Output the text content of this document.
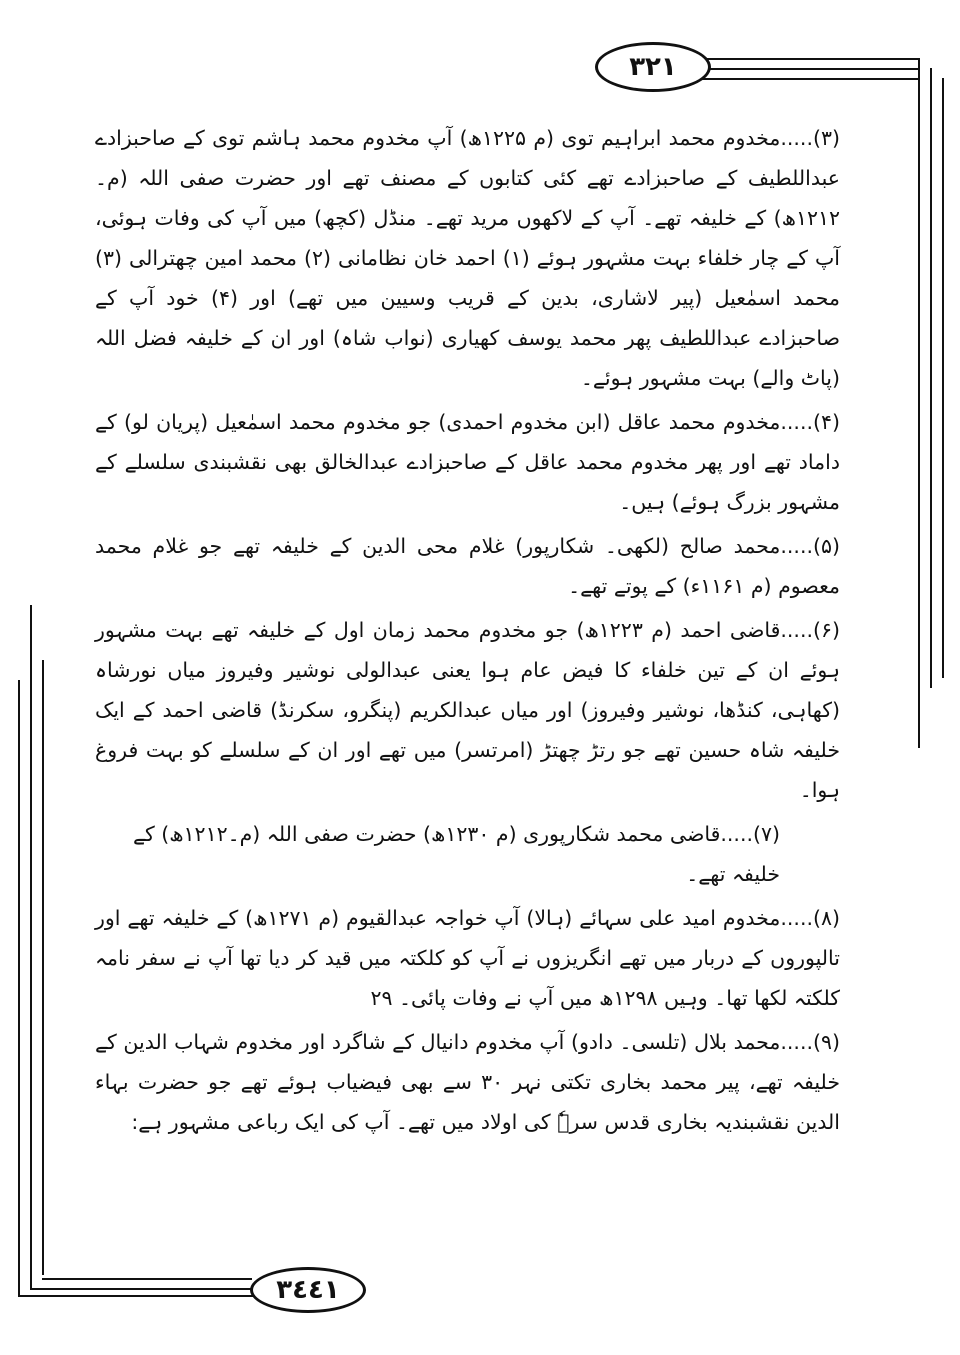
٣٢١
٣٤٤١

(٣).....مخدوم محمد ابراہیم توی (م ۱۲۲۵ھ) آپ مخدوم محمد ہاشم توی کے صاحبزادے عبداللطیف کے صاحبزادے تھے کئی کتابوں کے مصنف تھے اور حضرت صفی اللہ (م۔۱۲۱۲ھ) کے خلیفہ تھے۔ آپ کے لاکھوں مرید تھے۔ منڈل (کچھ) میں آپ کی وفات ہوئی، آپ کے چار خلفاء بہت مشہور ہوئے (۱) احمد خان نظامانی (۲) محمد امین چھترالی (۳) محمد اسمٰعیل (پیر لاشاری، بدین کے قریب وسیین میں تھے) اور (۴) خود آپ کے صاحبزادے عبداللطیف پھر محمد یوسف کھیاری (نواب شاہ) اور ان کے خلیفہ فضل اللہ (پاٹ والے) بہت مشہور ہوئے۔

(۴).....مخدوم محمد عاقل (ابن مخدوم احمدی) جو مخدوم محمد اسمٰعیل (پریان لو) کے داماد تھے اور پھر مخدوم محمد عاقل کے صاحبزادے عبدالخالق بھی نقشبندی سلسلے کے مشہور بزرگ ہوئے) ہیں۔

(۵).....محمد صالح (لکھی۔ شکارپور) غلام محی الدین کے خلیفہ تھے جو غلام محمد معصوم (م ۱۱۶۱ء) کے پوتے تھے۔

(۶).....قاضی احمد (م ۱۲۲۳ھ) جو مخدوم محمد زمان اول کے خلیفہ تھے بہت مشہور ہوئے ان کے تین خلفاء کا فیض عام ہوا یعنی عبدالولی نوشیر وفیروز میاں نورشاہ (کھاہی، کنڈھا، نوشیر وفیروز) اور میاں عبدالکریم (پنگرو، سکرنڈ) قاضی احمد کے ایک خلیفہ شاہ حسین تھے جو رتڑ چھتڑ (امرتسر) میں تھے اور ان کے سلسلے کو بہت فروغ ہوا۔

(۷).....قاضی محمد شکارپوری (م ۱۲۳۰ھ) حضرت صفی اللہ (م۔۱۲۱۲ھ) کے خلیفہ تھے۔

(۸).....مخدوم امید علی سہائے (ہالا) آپ خواجہ عبدالقیوم (م ۱۲۷۱ھ) کے خلیفہ تھے اور تالپوروں کے دربار میں تھے انگریزوں نے آپ کو کلکتہ میں قید کر دیا تھا آپ نے سفر نامہ کلکتہ لکھا تھا۔ وہیں ۱۲۹۸ھ میں آپ نے وفات پائی۔ ۲۹

(۹).....محمد بلال (تلسی۔ دادو) آپ مخدوم دانیال کے شاگرد اور مخدوم شہاب الدین کے خلیفہ تھے، پیر محمد بخاری تکتی نہر ۳۰ سے بھی فیضیاب ہوئے تھے جو حضرت بہاء الدین نقشبندیہ بخاری قدس سرہٗ کی اولاد میں تھے۔ آپ کی ایک رباعی مشہور ہے:
